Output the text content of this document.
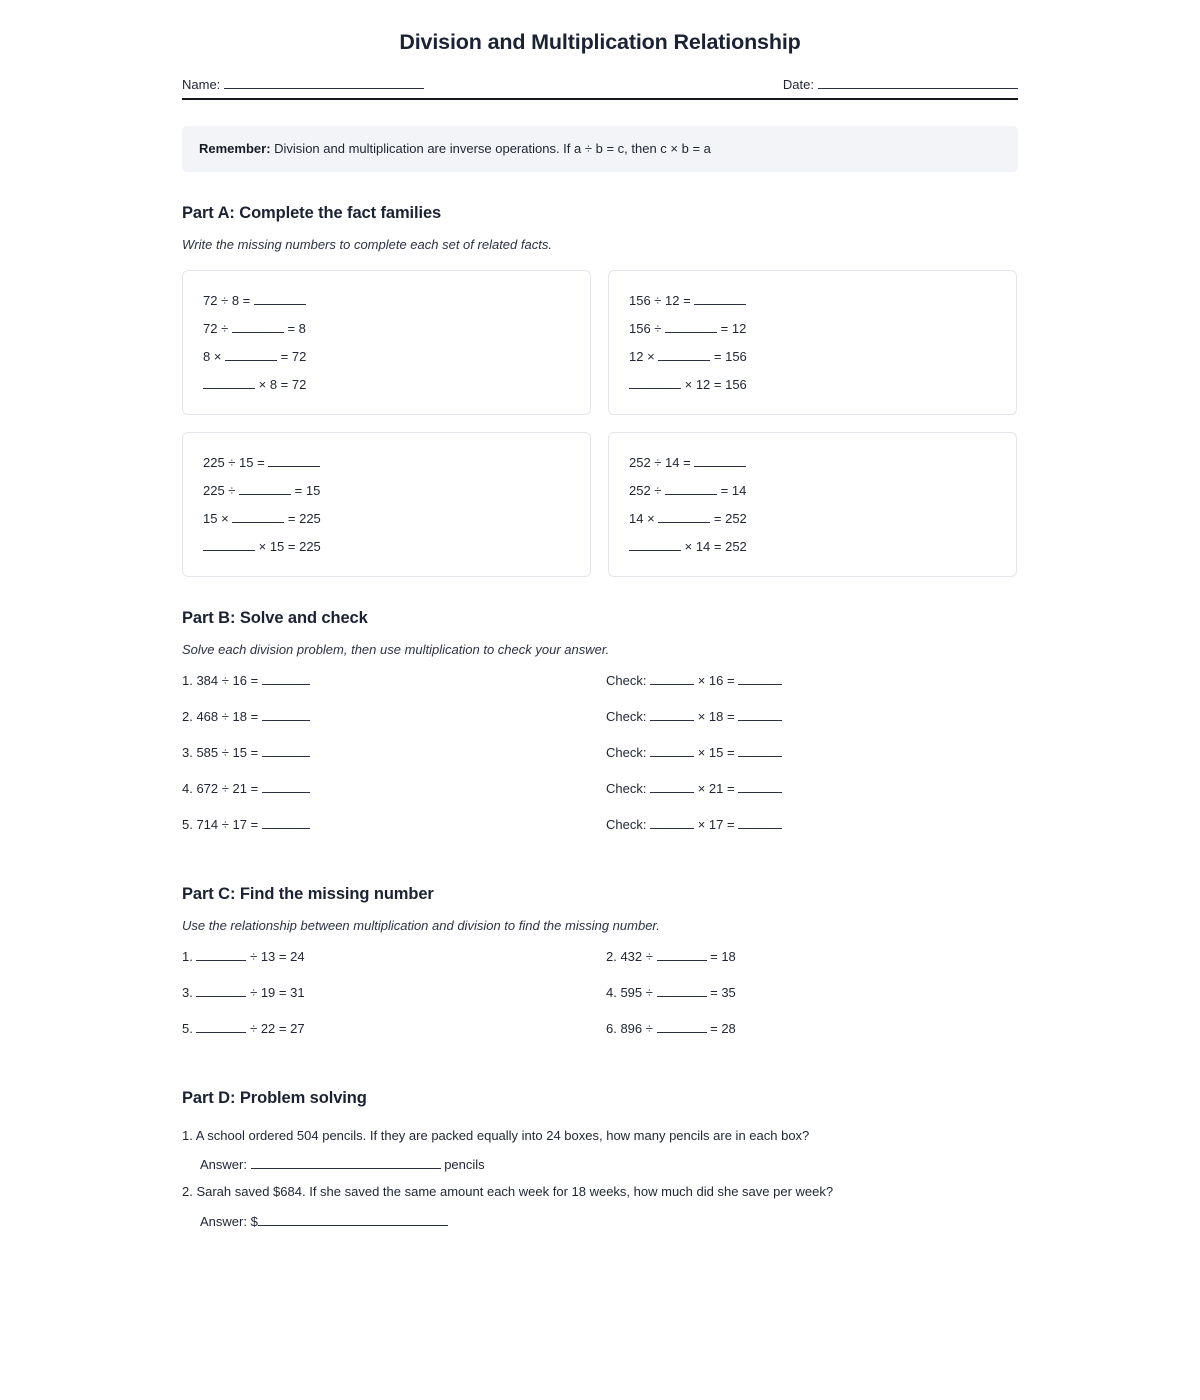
Division and Multiplication Relationship
Name:	Date:
Remember: Division and multiplication are inverse operations. If a ÷ b = c, then c × b = a
Part A: Complete the fact families

Write the missing numbers to complete each set of related facts.

72 ÷ 8 =
72 ÷	= 8
8 ×	= 72
× 8 = 72
156 ÷ 12 =
156 ÷	= 12
12 ×	= 156
× 12 = 156
225 ÷ 15 =
225 ÷	= 15
15 ×	= 225
× 15 = 225
252 ÷ 14 =
252 ÷	= 14
14 ×	= 252
× 14 = 252
Part B: Solve and check

Solve each division problem, then use multiplication to check your answer.

1. 384 ÷ 16 =	Check:	× 16 =
2. 468 ÷ 18 =	Check:	× 18 =
3. 585 ÷ 15 =	Check:	× 15 =
4. 672 ÷ 21 =	Check:	× 21 =
5. 714 ÷ 17 =	Check:	× 17 =
Part C: Find the missing number

Use the relationship between multiplication and division to find the missing number.

1.	÷ 13 = 24	2. 432 ÷	= 18
3.	÷ 19 = 31	4. 595 ÷	= 35
5.	÷ 22 = 27	6. 896 ÷	= 28
Part D: Problem solving
1. A school ordered 504 pencils. If they are packed equally into 24 boxes, how many pencils are in each box?
Answer:	pencils
2. Sarah saved $684. If she saved the same amount each week for 18 weeks, how much did she save per week?
Answer: $
